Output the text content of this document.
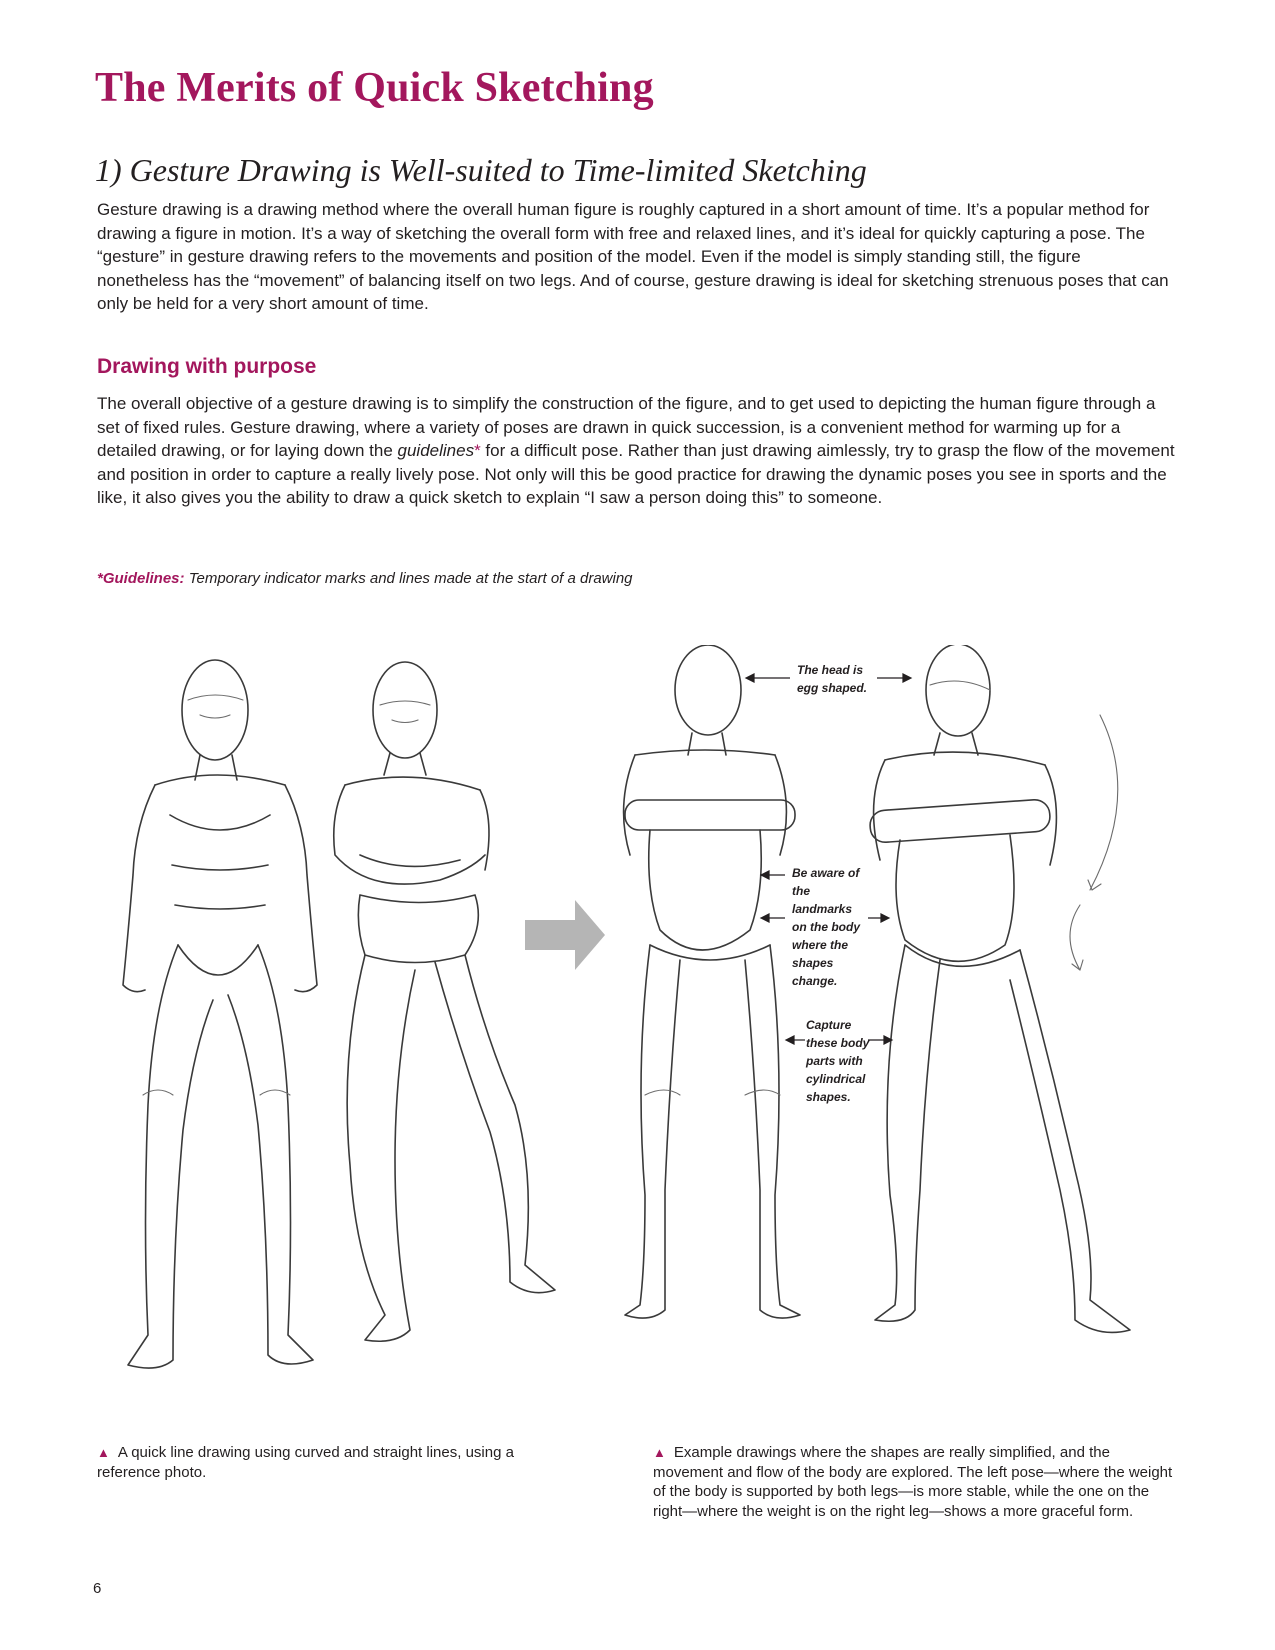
The Merits of Quick Sketching
1) Gesture Drawing is Well-suited to Time-limited Sketching

Gesture drawing is a drawing method where the overall human figure is roughly captured in a short amount of time. It’s a popular method for drawing a figure in motion. It’s a way of sketching the overall form with free and relaxed lines, and it’s ideal for quickly capturing a pose. The “gesture” in gesture drawing refers to the movements and position of the model. Even if the model is simply standing still, the figure nonetheless has the “movement” of balancing itself on two legs. And of course, gesture drawing is ideal for sketching strenuous poses that can only be held for a very short amount of time.

Drawing with purpose

The overall objective of a gesture drawing is to simplify the construction of the figure, and to get used to depicting the human figure through a set of fixed rules. Gesture drawing, where a variety of poses are drawn in quick succession, is a convenient method for warming up for a detailed drawing, or for laying down the guidelines* for a difficult pose. Rather than just drawing aimlessly, try to grasp the flow of the movement and position in order to capture a really lively pose. Not only will this be good practice for drawing the dynamic poses you see in sports and the like, it also gives you the ability to draw a quick sketch to explain “I saw a person doing this” to someone.

*Guidelines: Temporary indicator marks and lines made at the start of a drawing
The head is egg shaped.
Be aware of the landmarks on the body where the shapes change.
Capture these body parts with cylindrical shapes.
▲ A quick line drawing using curved and straight lines, using a reference photo.
▲ Example drawings where the shapes are really simplified, and the movement and flow of the body are explored. The left pose—where the weight of the body is supported by both legs—is more stable, while the one on the right—where the weight is on the right leg—shows a more graceful form.
6
